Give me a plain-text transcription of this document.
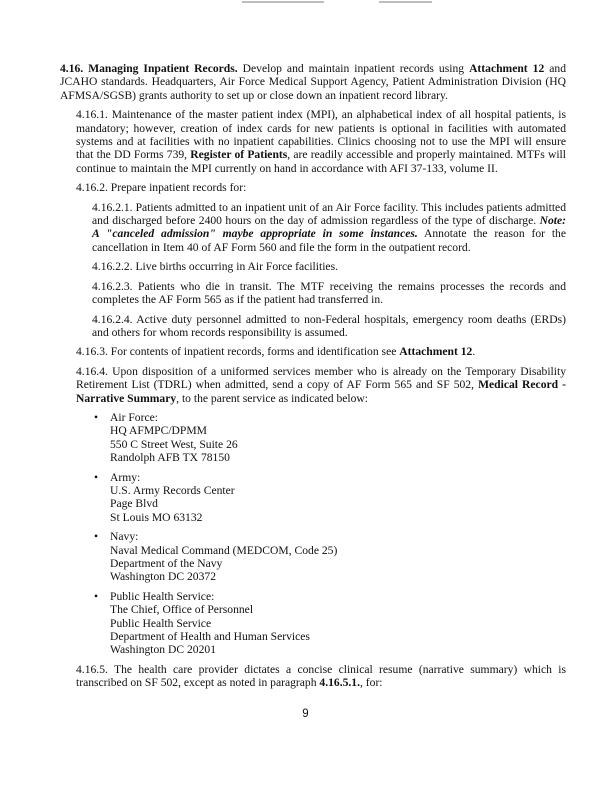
4.16. Managing Inpatient Records. Develop and maintain inpatient records using Attachment 12 and JCAHO standards. Headquarters, Air Force Medical Support Agency, Patient Administration Division (HQ AFMSA/SGSB) grants authority to set up or close down an inpatient record library.

4.16.1. Maintenance of the master patient index (MPI), an alphabetical index of all hospital patients, is mandatory; however, creation of index cards for new patients is optional in facilities with automated systems and at facilities with no inpatient capabilities. Clinics choosing not to use the MPI will ensure that the DD Forms 739, Register of Patients, are readily accessible and properly maintained. MTFs will continue to maintain the MPI currently on hand in accordance with AFI 37-133, volume II.

4.16.2. Prepare inpatient records for:

4.16.2.1. Patients admitted to an inpatient unit of an Air Force facility. This includes patients admitted and discharged before 2400 hours on the day of admission regardless of the type of discharge. Note: A "canceled admission" maybe appropriate in some instances. Annotate the reason for the cancellation in Item 40 of AF Form 560 and file the form in the outpatient record.

4.16.2.2. Live births occurring in Air Force facilities.

4.16.2.3. Patients who die in transit. The MTF receiving the remains processes the records and completes the AF Form 565 as if the patient had transferred in.

4.16.2.4. Active duty personnel admitted to non-Federal hospitals, emergency room deaths (ERDs) and others for whom records responsibility is assumed.

4.16.3. For contents of inpatient records, forms and identification see Attachment 12.

4.16.4. Upon disposition of a uniformed services member who is already on the Temporary Disability Retirement List (TDRL) when admitted, send a copy of AF Form 565 and SF 502, Medical Record - Narrative Summary, to the parent service as indicated below:

• Air Force:
HQ AFMPC/DPMM
550 C Street West, Suite 26
Randolph AFB TX 78150
• Army:
U.S. Army Records Center
Page Blvd
St Louis MO 63132
• Navy:
Naval Medical Command (MEDCOM, Code 25)
Department of the Navy
Washington DC 20372
• Public Health Service:
The Chief, Office of Personnel
Public Health Service
Department of Health and Human Services
Washington DC 20201

4.16.5. The health care provider dictates a concise clinical resume (narrative summary) which is transcribed on SF 502, except as noted in paragraph 4.16.5.1., for:

9
